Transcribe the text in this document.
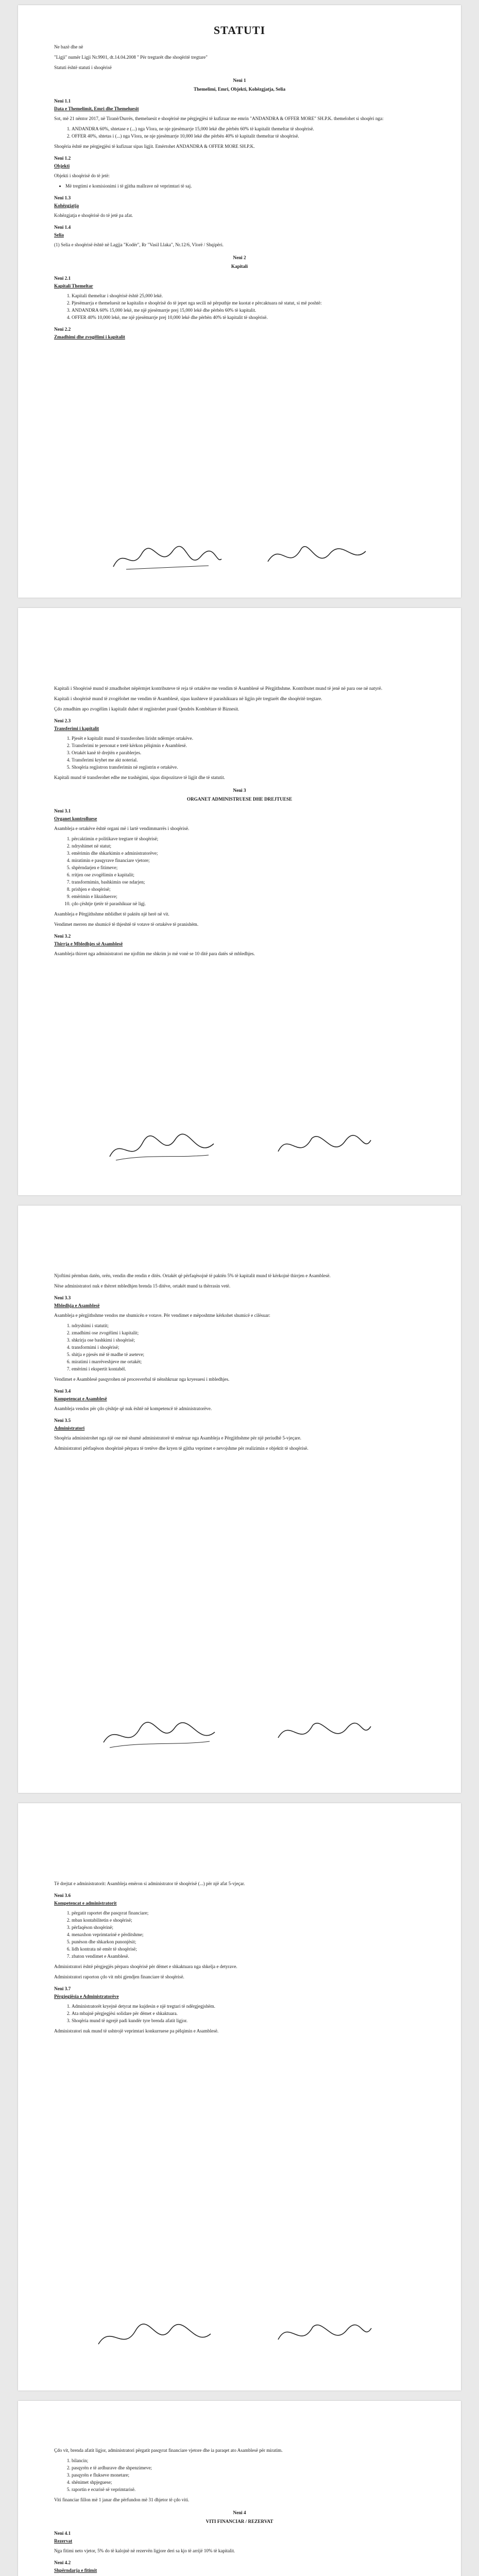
STATUTI

Ne bazë dhe në

"Ligji" numër Ligji Nr.9901, dt.14.04.2008 " Për tregtarët dhe shoqëritë tregtare"

Statuti është statuti i shoqërisë

Neni 1
Themelimi, Emri, Objekti, Kohëzgjatja, Selia
Neni 1.1
Data e Themelimit, Emri dhe Themeluesit

Sot, më 21 nëntor 2017, në Tiranë/Durrës, themeluesit e shoqërisë me përgjegjësi të kufizuar me emrin "ANDANDRA & OFFER MORE" SH.P.K. themelohet si shoqëri nga:

1. ANDANDRA 60%, shtetase e (...) nga Vlora, ne nje pjesëmarrje 15,000 lekë dhe përbën 60% të kapitalit themeltar të shoqërisë.
2. OFFER 40%, shtetas i (...) nga Vlora, ne nje pjesëmarrje 10,000 lekë dhe përbën 40% të kapitalit themeltar të shoqërisë.

Shoqëria është me përgjegjësi të kufizuar sipas ligjit. Emërtohet ANDANDRA & OFFER MORE SH.P.K.

Neni 1.2
Objekti

Objekti i shoqërisë do të jetë:

• Më tregtimi e komisionimi i të gjitha mallrave në veprimtari të saj.
Neni 1.3
Kohëzgjatja

Kohëzgjatja e shoqërisë do të jetë pa afat.

Neni 1.4
Selia

(1) Selia e shoqërisë është në Lagjja "Kodër", Rr "Vasil Llaka", Nr.12/6, Vlorë / Shqipëri.

Neni 2
Kapitali
Neni 2.1
Kapitali Themeltar
1. Kapitali themeltar i shoqërisë është 25,000 lekë.
2. Pjesëmarrja e themeluesit ne kapitalin e shoqërisë do të jepet nga secili në përputhje me kuotat e përcaktuara në statut, si më poshtë:
3. ANDANDRA 60% 15,000 lekë, me një pjesëmarrje prej 15,000 lekë dhe përbën 60% të kapitalit.
4. OFFER 40% 10,000 lekë, me një pjesëmarrje prej 10,000 lekë dhe përbën 40% të kapitalit të shoqërisë.
Neni 2.2
Zmadhimi dhe zvogëlimi i kapitalit

Kapitali i Shoqërisë mund të zmadhohet nëpërmjet kontributeve të reja të ortakëve me vendim të Asamblesë së Përgjithshme. Kontributet mund të jenë në para ose në natyrë.

Kapitali i shoqërisë mund të zvogëlohet me vendim të Asamblesë, sipas kushteve të parashikuara në ligjin për tregtarët dhe shoqëritë tregtare.

Çdo zmadhim apo zvogëlim i kapitalit duhet të regjistrohet pranë Qendrës Kombëtare të Biznesit.

Neni 2.3
Transferimi i kapitalit
1. Pjesët e kapitalit mund të transferohen lirisht ndërmjet ortakëve.
2. Transferimi te personat e tretë kërkon pëlqimin e Asamblesë.
3. Ortakët kanë të drejtën e parablerjes.
4. Transferimi kryhet me akt noterial.
5. Shoqëria regjistron transferimin në regjistrin e ortakëve.

Kapitali mund të transferohet edhe me trashëgimi, sipas dispozitave të ligjit dhe të statutit.

Neni 3
ORGANET ADMINISTRUESE DHE DREJTUESE
Neni 3.1
Organet kontrolluese

Asambleja e ortakëve është organi më i lartë vendimmarrës i shoqërisë.

1. përcaktimin e politikave tregtare të shoqërisë;
2. ndryshimet në statut;
3. emërimin dhe shkarkimin e administratorëve;
4. miratimin e pasqyrave financiare vjetore;
5. shpërndarjen e fitimeve;
6. rritjen ose zvogëlimin e kapitalit;
7. transformimin, bashkimin ose ndarjen;
8. prishjen e shoqërisë;
9. emërimin e likuiduesve;
10. çdo çështje tjetër të parashikuar në ligj.

Asambleja e Përgjithshme mblidhet të paktën një herë në vit.

Vendimet merren me shumicë të thjeshtë të votave të ortakëve të pranishëm.

Neni 3.2
Thirrja e Mbledhjes së Asamblesë

Asambleja thirret nga administratori me njoftim me shkrim jo më vonë se 10 ditë para datës së mbledhjes.

Njoftimi përmban datën, orën, vendin dhe rendin e ditës. Ortakët që përfaqësojnë të paktën 5% të kapitalit mund të kërkojnë thirrjen e Asamblesë.

Nëse administratori nuk e thërret mbledhjen brenda 15 ditëve, ortakët mund ta thërrasin vetë.

Neni 3.3
Mbledhja e Asamblesë

Asambleja e përgjithshme vendos me shumicën e votave. Për vendimet e mëposhtme kërkohet shumicë e cilësuar:

1. ndryshimi i statutit;
2. zmadhimi ose zvogëlimi i kapitalit;
3. shkrirja ose bashkimi i shoqërisë;
4. transformimi i shoqërisë;
5. shitja e pjesës më të madhe të aseteve;
6. miratimi i marrëveshjeve me ortakët;
7. emërimi i ekspertit kontabël.

Vendimet e Asamblesë pasqyrohen në procesverbal të nënshkruar nga kryesuesi i mbledhjes.

Neni 3.4
Kompetencat e Asamblesë

Asambleja vendos për çdo çështje që nuk është në kompetencë të administratorëve.

Neni 3.5
Administratori

Shoqëria administrohet nga një ose më shumë administratorë të emëruar nga Asambleja e Përgjithshme për një periudhë 5-vjeçare.

Administratori përfaqëson shoqërinë përpara të tretëve dhe kryen të gjitha veprimet e nevojshme për realizimin e objektit të shoqërisë.

Të drejtat e administratorit: Asambleja emëron si administrator të shoqërisë (...) për një afat 5-vjeçar.

Neni 3.6
Kompetencat e administratorit
1. përgatit raportet dhe pasqyrat financiare;
2. mban kontabilitetin e shoqërisë;
3. përfaqëson shoqërinë;
4. menaxhon veprimtarinë e përditshme;
5. punëson dhe shkarkon punonjësit;
6. lidh kontrata në emër të shoqërisë;
7. zbaton vendimet e Asamblesë.

Administratori është përgjegjës përpara shoqërisë për dëmet e shkaktuara nga shkelja e detyrave.

Administratori raporton çdo vit mbi gjendjen financiare të shoqërisë.

Neni 3.7
Përgjegjësia e Administratorëve
1. Administratorët kryejnë detyrat me kujdesin e një tregtari të ndërgjegjshëm.
2. Ata mbajnë përgjegjësi solidare për dëmet e shkaktuara.
3. Shoqëria mund të ngrejë padi kundër tyre brenda afatit ligjor.

Administratori nuk mund të ushtrojë veprimtari konkurruese pa pëlqimin e Asamblesë.

Çdo vit, brenda afatit ligjor, administratori përgatit pasqyrat financiare vjetore dhe ia paraqet ato Asamblesë për miratim.

1. bilancin;
2. pasqyrën e të ardhurave dhe shpenzimeve;
3. pasqyrën e flukseve monetare;
4. shënimet shpjeguese;
5. raportin e ecurisë së veprimtarisë.

Viti financiar fillon më 1 janar dhe përfundon më 31 dhjetor të çdo viti.

Neni 4
VITI FINANCIAR / REZERVAT
Neni 4.1
Rezervat

Nga fitimi neto vjetor, 5% do të kalojnë në rezervën ligjore deri sa kjo të arrijë 10% të kapitalit.

Neni 4.2
Shpërndarja e fitimit
